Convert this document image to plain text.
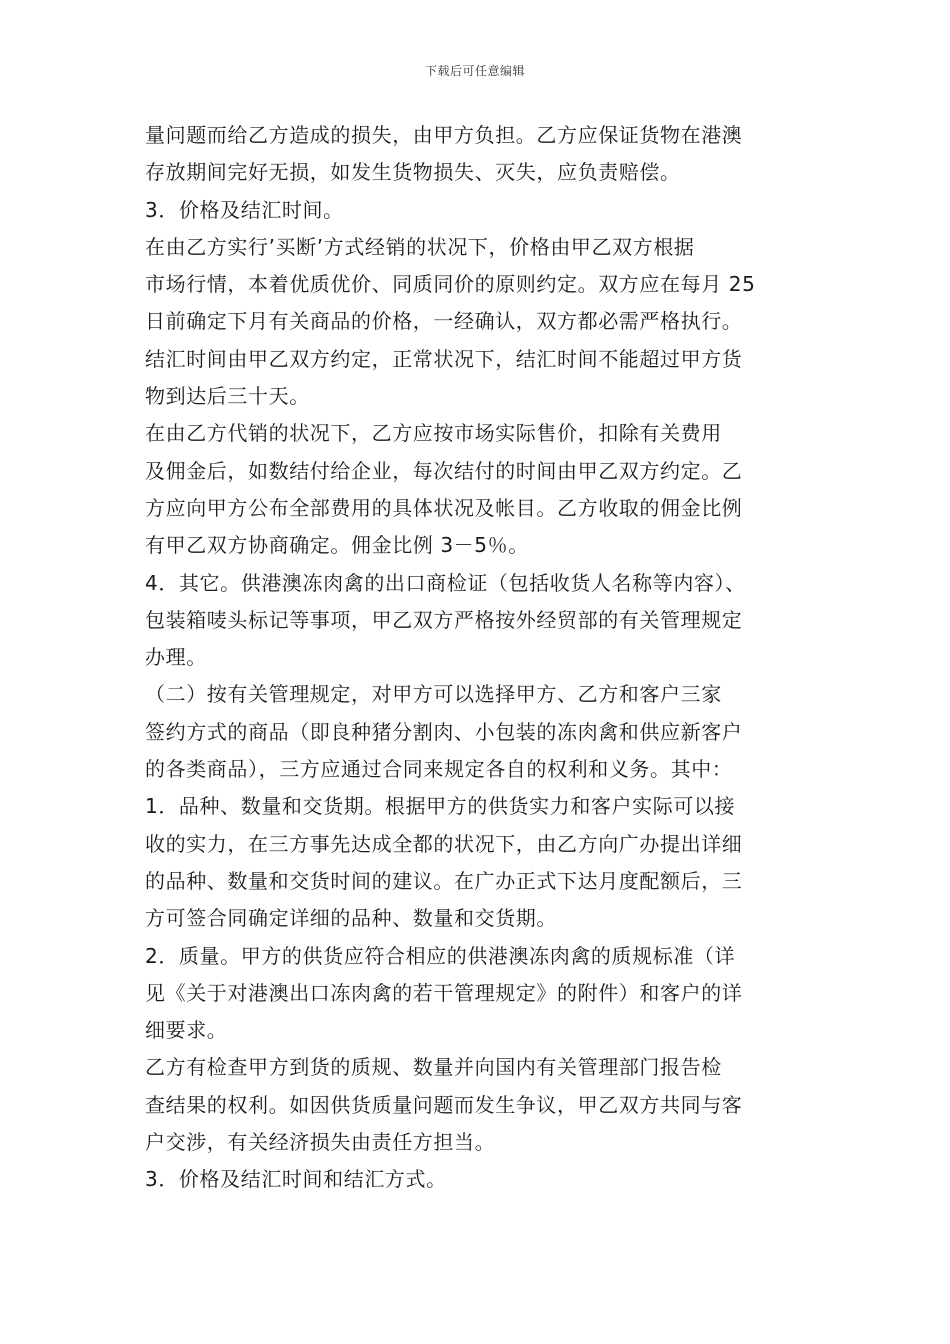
下载后可任意编辑
量问题而给乙方造成的损失，由甲方负担。乙方应保证货物在港澳
存放期间完好无损，如发生货物损失、灭失，应负责赔偿。
3．价格及结汇时间。
在由乙方实行’买断’方式经销的状况下，价格由甲乙双方根据
市场行情，本着优质优价、同质同价的原则约定。双方应在每月 25
日前确定下月有关商品的价格，一经确认，双方都必需严格执行。
结汇时间由甲乙双方约定，正常状况下，结汇时间不能超过甲方货
物到达后三十天。
在由乙方代销的状况下，乙方应按市场实际售价，扣除有关费用
及佣金后，如数结付给企业，每次结付的时间由甲乙双方约定。乙
方应向甲方公布全部费用的具体状况及帐目。乙方收取的佣金比例
有甲乙双方协商确定。佣金比例 3－5％。
4．其它。供港澳冻肉禽的出口商检证（包括收货人名称等内容）、
包装箱唛头标记等事项，甲乙双方严格按外经贸部的有关管理规定
办理。
（二）按有关管理规定，对甲方可以选择甲方、乙方和客户三家
签约方式的商品（即良种猪分割肉、小包装的冻肉禽和供应新客户
的各类商品），三方应通过合同来规定各自的权利和义务。其中：
1．品种、数量和交货期。根据甲方的供货实力和客户实际可以接
收的实力，在三方事先达成全都的状况下，由乙方向广办提出详细
的品种、数量和交货时间的建议。在广办正式下达月度配额后，三
方可签合同确定详细的品种、数量和交货期。
2．质量。甲方的供货应符合相应的供港澳冻肉禽的质规标准（详
见《关于对港澳出口冻肉禽的若干管理规定》的附件）和客户的详
细要求。
乙方有检查甲方到货的质规、数量并向国内有关管理部门报告检
查结果的权利。如因供货质量问题而发生争议，甲乙双方共同与客
户交涉，有关经济损失由责任方担当。
3．价格及结汇时间和结汇方式。
